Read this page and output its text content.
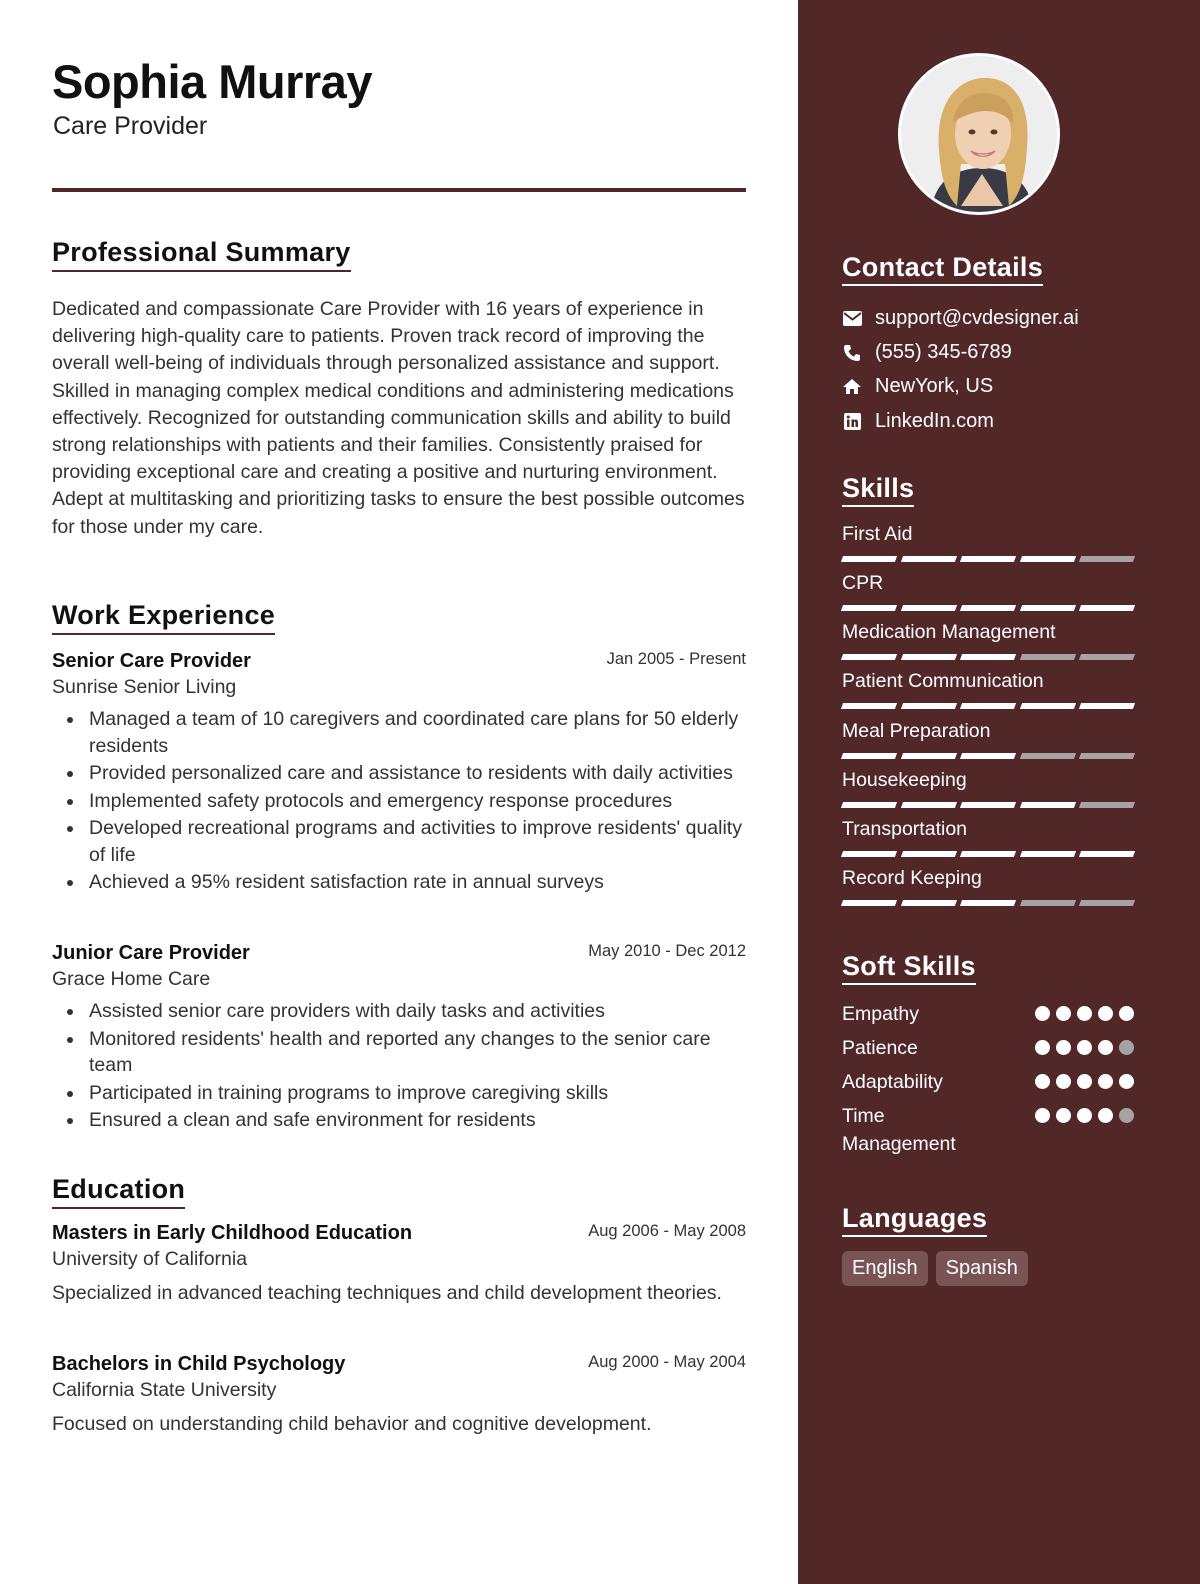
Sophia Murray
Care Provider
Professional Summary
Dedicated and compassionate Care Provider with 16 years of experience in delivering high-quality care to patients. Proven track record of improving the overall well-being of individuals through personalized assistance and support. Skilled in managing complex medical conditions and administering medications effectively. Recognized for outstanding communication skills and ability to build strong relationships with patients and their families. Consistently praised for providing exceptional care and creating a positive and nurturing environment. Adept at multitasking and prioritizing tasks to ensure the best possible outcomes for those under my care.
Work Experience
Senior Care Provider	Jan 2005 - Present
Sunrise Senior Living
Managed a team of 10 caregivers and coordinated care plans for 50 elderly residents
Provided personalized care and assistance to residents with daily activities
Implemented safety protocols and emergency response procedures
Developed recreational programs and activities to improve residents' quality of life
Achieved a 95% resident satisfaction rate in annual surveys
Junior Care Provider	May 2010 - Dec 2012
Grace Home Care
Assisted senior care providers with daily tasks and activities
Monitored residents' health and reported any changes to the senior care team
Participated in training programs to improve caregiving skills
Ensured a clean and safe environment for residents
Education
Masters in Early Childhood Education	Aug 2006 - May 2008
University of California
Specialized in advanced teaching techniques and child development theories.
Bachelors in Child Psychology	Aug 2000 - May 2004
California State University
Focused on understanding child behavior and cognitive development.
Contact Details
support@cvdesigner.ai
(555) 345-6789
NewYork, US
LinkedIn.com
Skills
First Aid
CPR
Medication Management
Patient Communication
Meal Preparation
Housekeeping
Transportation
Record Keeping
Soft Skills
Empathy
Patience
Adaptability
Time Management
Languages
English	Spanish
